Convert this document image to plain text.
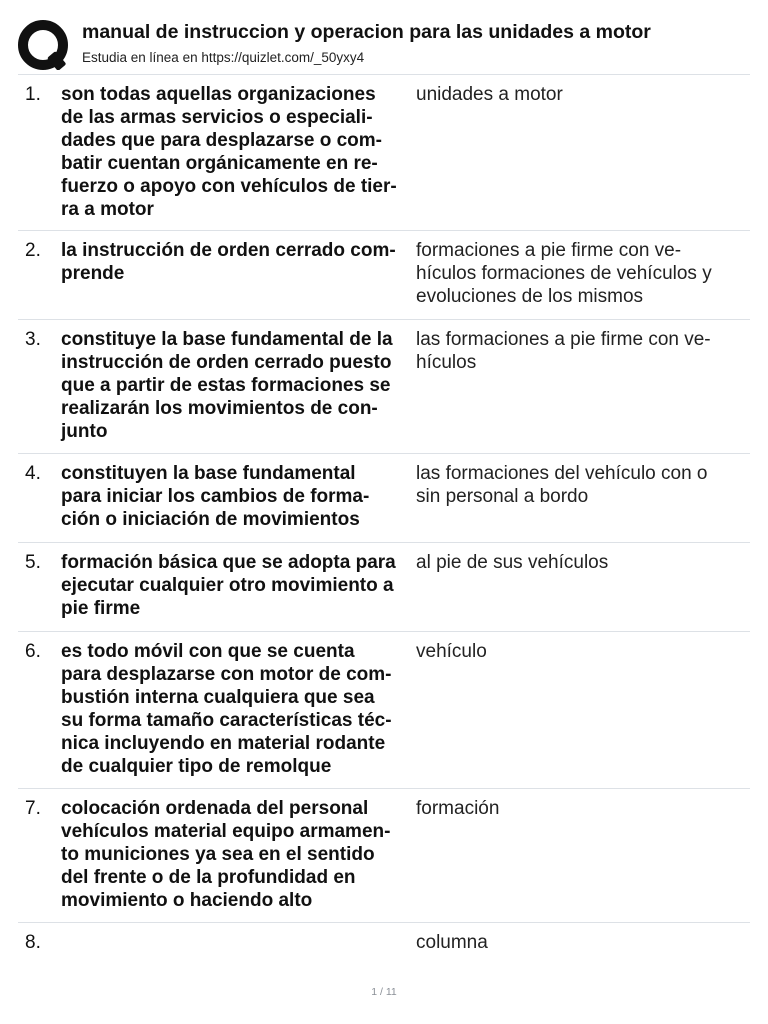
manual de instruccion y operacion para las unidades a motor
Estudia en línea en https://quizlet.com/_50yxy4
1. son todas aquellas organizaciones
de las armas servicios o especiali-
dades que para desplazarse o com-
batir cuentan orgánicamente en re-
fuerzo o apoyo con vehículos de tier-
ra a motor
unidades a motor
2. la instrucción de orden cerrado com-
prende
formaciones a pie firme con ve-
hículos formaciones de vehículos y
evoluciones de los mismos
3. constituye la base fundamental de la
instrucción de orden cerrado puesto
que a partir de estas formaciones se
realizarán los movimientos de con-
junto
las formaciones a pie firme con ve-
hículos
4. constituyen la base fundamental
para iniciar los cambios de forma-
ción o iniciación de movimientos
las formaciones del vehículo con o
sin personal a bordo
5. formación básica que se adopta para
ejecutar cualquier otro movimiento a
pie firme
al pie de sus vehículos
6. es todo móvil con que se cuenta
para desplazarse con motor de com-
bustión interna cualquiera que sea
su forma tamaño características téc-
nica incluyendo en material rodante
de cualquier tipo de remolque
vehículo
7. colocación ordenada del personal
vehículos material equipo armamen-
to municiones ya sea en el sentido
del frente o de la profundidad en
movimiento o haciendo alto
formación
8.	columna
1 / 11
